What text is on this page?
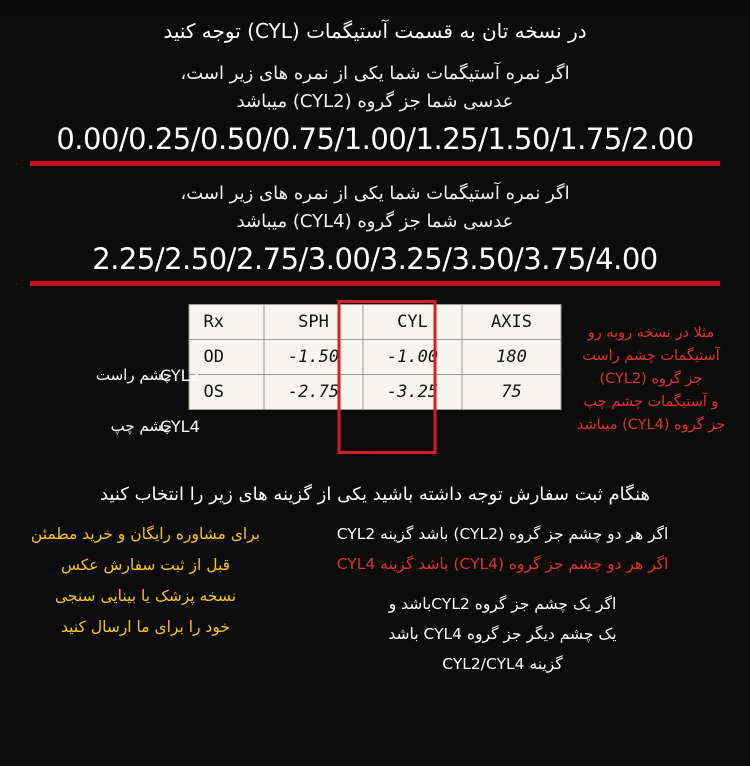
در نسخه تان به قسمت آستیگمات (CYL) توجه کنید
اگر نمره آستیگمات شما یکی از نمره های زیر است،
عدسی شما جز گروه (CYL2) میباشد
0.00/0.25/0.50/0.75/1.00/1.25/1.50/1.75/2.00
اگر نمره آستیگمات شما یکی از نمره های زیر است،
عدسی شما جز گروه (CYL4) میباشد
2.25/2.50/2.75/3.00/3.25/3.50/3.75/4.00
Rx	SPH	CYL	AXIS
OD	-1.50	-1.00	180
OS	-2.75	-3.25	75
چشم راست
چشم چپ
CYL2
CYL4
مثلا در نسخه روبه رو
آستیگمات چشم راست
جز گروه (CYL2)
و آستیگمات چشم چپ
جز گروه (CYL4) میباشد
هنگام ثبت سفارش توجه داشته باشید یکی از گزینه های زیر را انتخاب کنید
اگر هر دو چشم جز گروه (CYL2) باشد گزینه CYL2
اگر هر دو چشم جز گروه (CYL4) باشد گزینه CYL4
اگر یک چشم جز گروه CYL2باشد و
یک چشم دیگر جز گروه CYL4 باشد
گزینه CYL2/CYL4
برای مشاوره رایگان و خرید مطمئن
قبل از ثبت سفارش عکس
نسخه پزشک یا بینایی سنجی
خود را برای ما ارسال کنید
